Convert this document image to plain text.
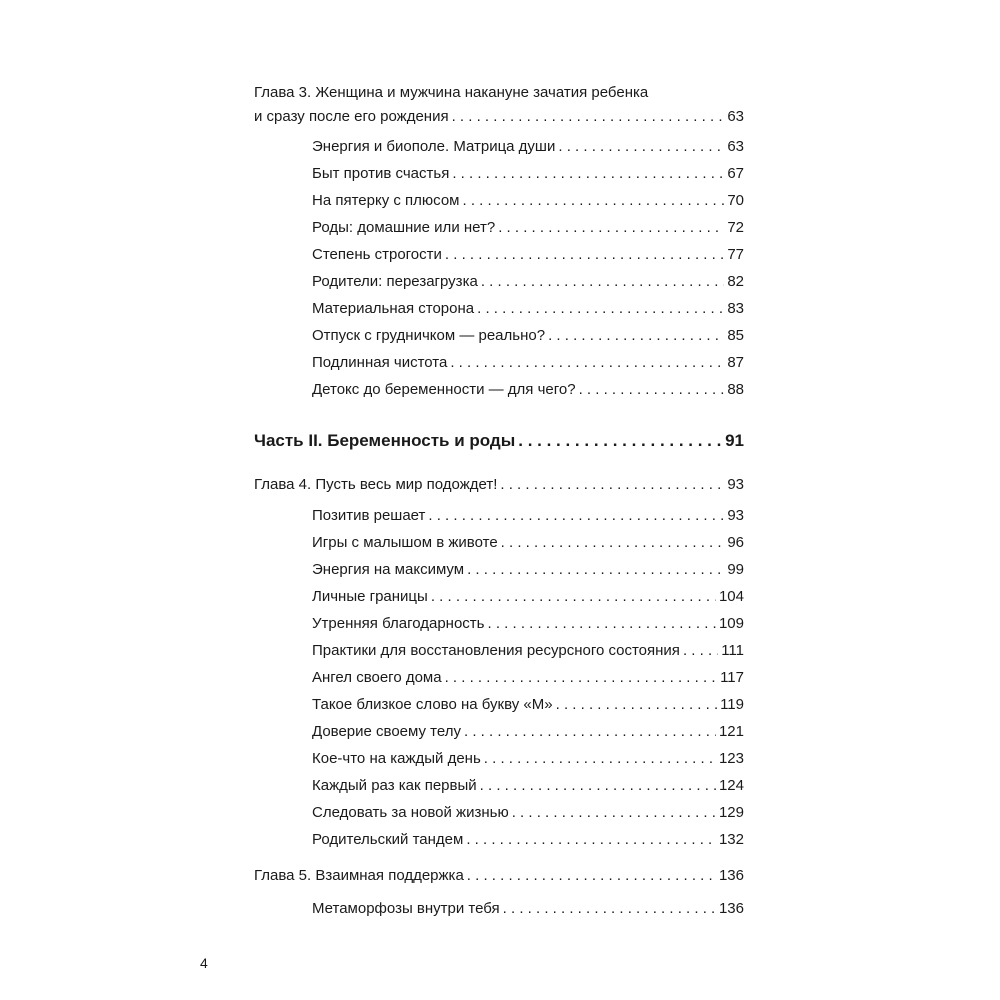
Глава 3. Женщина и мужчина накануне зачатия ребенка
и сразу после его рождения . . .	63
Энергия и биополе. Матрица души . . .	63
Быт против счастья . . .	67
На пятерку с плюсом . . .	70
Роды: домашние или нет? . . .	72
Степень строгости . . .	77
Родители: перезагрузка . . .	82
Материальная сторона . . .	83
Отпуск с грудничком — реально? . . .	85
Подлинная чистота . . .	87
Детокс до беременности — для чего? . . .	88
Часть II. Беременность и роды . . .	91
Глава 4. Пусть весь мир подождет! . . .	93
Позитив решает . . .	93
Игры с малышом в животе . . .	96
Энергия на максимум . . .	99
Личные границы . . .	104
Утренняя благодарность . . .	109
Практики для восстановления ресурсного состояния . . .	111
Ангел своего дома . . .	117
Такое близкое слово на букву «М» . . .	119
Доверие своему телу . . .	121
Кое-что на каждый день . . .	123
Каждый раз как первый . . .	124
Следовать за новой жизнью . . .	129
Родительский тандем . . .	132
Глава 5. Взаимная поддержка . . .	136
Метаморфозы внутри тебя . . .	136
4
